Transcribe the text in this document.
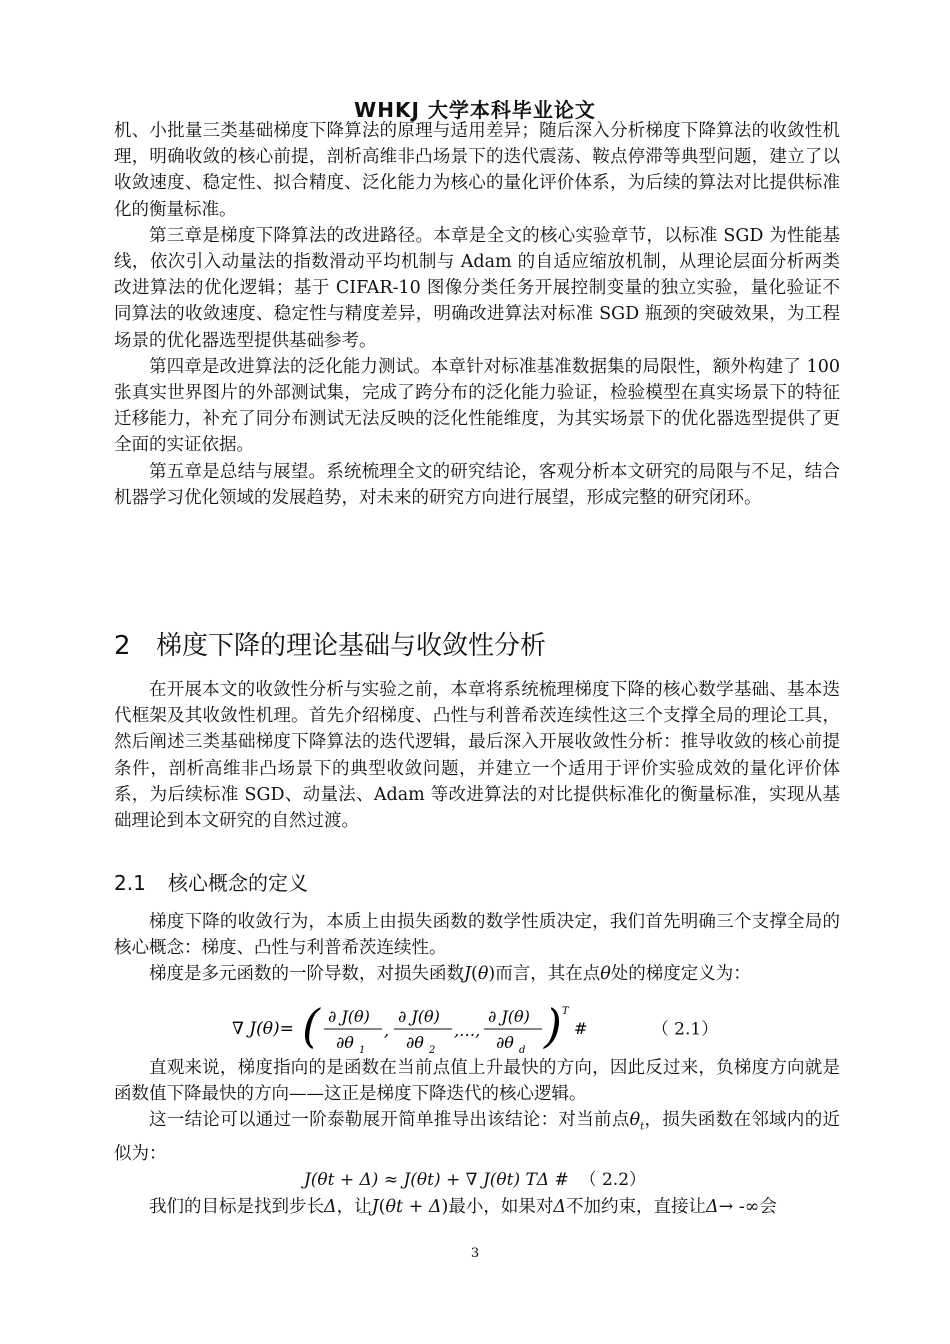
WHKJ 大学本科毕业论文

机、小批量三类基础梯度下降算法的原理与适用差异；随后深入分析梯度下降算法的收敛性机理，明确收敛的核心前提，剖析高维非凸场景下的迭代震荡、鞍点停滞等典型问题，建立了以收敛速度、稳定性、拟合精度、泛化能力为核心的量化评价体系，为后续的算法对比提供标准化的衡量标准。

第三章是梯度下降算法的改进路径。本章是全文的核心实验章节，以标准 SGD 为性能基线，依次引入动量法的指数滑动平均机制与 Adam 的自适应缩放机制，从理论层面分析两类改进算法的优化逻辑；基于 CIFAR-10 图像分类任务开展控制变量的独立实验，量化验证不同算法的收敛速度、稳定性与精度差异，明确改进算法对标准 SGD 瓶颈的突破效果，为工程场景的优化器选型提供基础参考。

第四章是改进算法的泛化能力测试。本章针对标准基准数据集的局限性，额外构建了 100 张真实世界图片的外部测试集，完成了跨分布的泛化能力验证，检验模型在真实场景下的特征迁移能力，补充了同分布测试无法反映的泛化性能维度，为其实场景下的优化器选型提供了更全面的实证依据。

第五章是总结与展望。系统梳理全文的研究结论，客观分析本文研究的局限与不足，结合机器学习优化领域的发展趋势，对未来的研究方向进行展望，形成完整的研究闭环。

2 梯度下降的理论基础与收敛性分析

在开展本文的收敛性分析与实验之前，本章将系统梳理梯度下降的核心数学基础、基本迭代框架及其收敛性机理。首先介绍梯度、凸性与利普希茨连续性这三个支撑全局的理论工具，然后阐述三类基础梯度下降算法的迭代逻辑，最后深入开展收敛性分析：推导收敛的核心前提条件，剖析高维非凸场景下的典型收敛问题，并建立一个适用于评价实验成效的量化评价体系，为后续标准 SGD、动量法、Adam 等改进算法的对比提供标准化的衡量标准，实现从基础理论到本文研究的自然过渡。

2.1 核心概念的定义

梯度下降的收敛行为，本质上由损失函数的数学性质决定，我们首先明确三个支撑全局的核心概念：梯度、凸性与利普希茨连续性。

梯度是多元函数的一阶导数，对损失函数J(θ)而言，其在点θ处的梯度定义为：

∇ J(θ)= ( ∂ J(θ)
∂θ 1
,
∂ J(θ)
∂θ 2
,…,
∂ J(θ)
∂θ d ) T
#	（ 2.1）

直观来说，梯度指向的是函数在当前点值上升最快的方向，因此反过来，负梯度方向就是函数值下降最快的方向——这正是梯度下降迭代的核心逻辑。

这一结论可以通过一阶泰勒展开简单推导出该结论：对当前点$\theta_t$，损失函数在邻域内的近似为：

J(θt + Δ) ≈ J(θt) + ∇ J(θt) TΔ # （ 2.2）

我们的目标是找到步长Δ，让J(θt + Δ)最小，如果对Δ不加约束，直接让Δ→ -∞会

3
